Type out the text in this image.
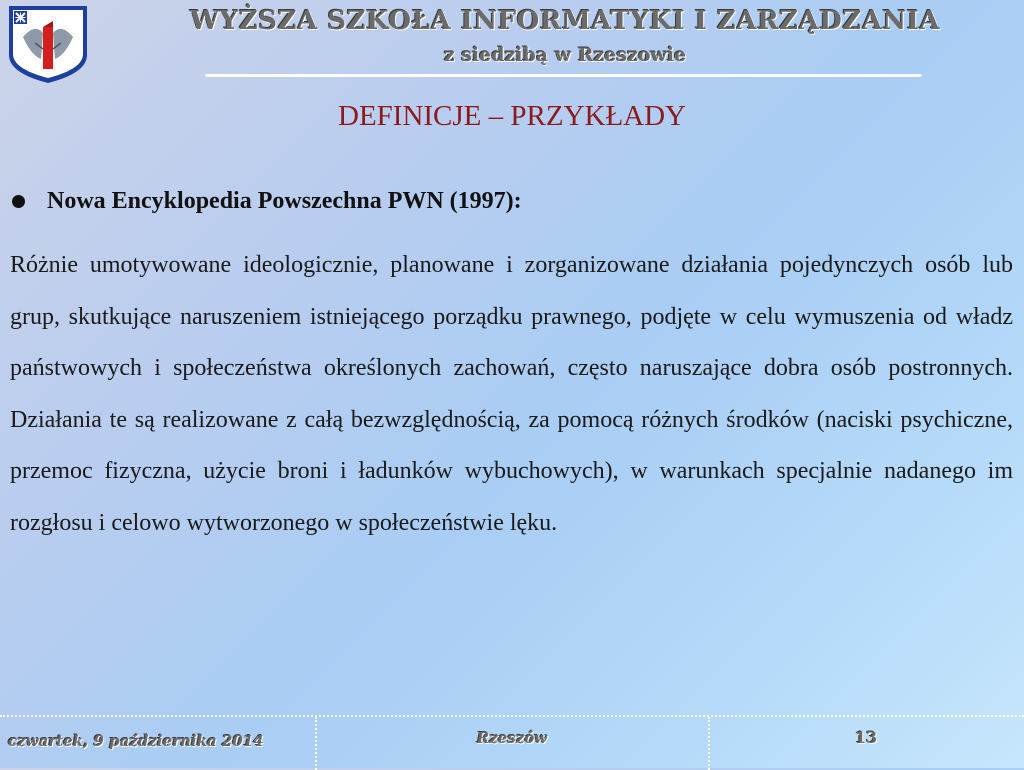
WYŻSZA SZKOŁA INFORMATYKI I ZARZĄDZANIA
z siedzibą w Rzeszowie
DEFINICJE – PRZYKŁADY
Nowa Encyklopedia Powszechna PWN (1997):

Różnie umotywowane ideologicznie, planowane i zorganizowane działania pojedynczych osób lub grup, skutkujące naruszeniem istniejącego porządku prawnego, podjęte w celu wymuszenia od władz państwowych i społeczeństwa określonych zachowań, często naruszające dobra osób postronnych. Działania te są realizowane z całą bezwzględnością, za pomocą różnych środków (naciski psychiczne, przemoc fizyczna, użycie broni i ładunków wybuchowych), w warunkach specjalnie nadanego im rozgłosu i celowo wytworzonego w społeczeństwie lęku.

czwartek, 9 października 2014	Rzeszów	13
